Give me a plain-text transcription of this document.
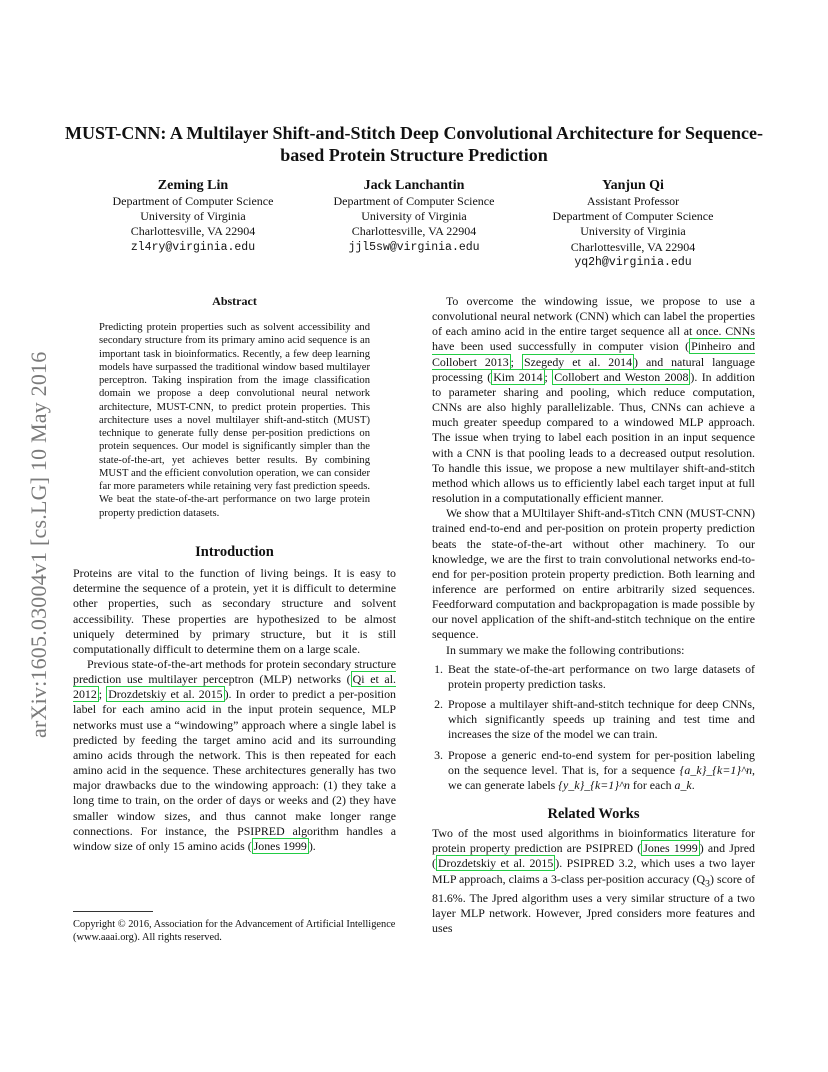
arXiv:1605.03004v1 [cs.LG] 10 May 2016
MUST-CNN: A Multilayer Shift-and-Stitch Deep Convolutional Architecture for Sequence-based Protein Structure Prediction
Zeming Lin
Department of Computer Science
University of Virginia
Charlottesville, VA 22904
zl4ry@virginia.edu
Jack Lanchantin
Department of Computer Science
University of Virginia
Charlottesville, VA 22904
jjl5sw@virginia.edu
Yanjun Qi
Assistant Professor
Department of Computer Science
University of Virginia
Charlottesville, VA 22904
yq2h@virginia.edu
Abstract

Predicting protein properties such as solvent accessibility and secondary structure from its primary amino acid sequence is an important task in bioinformatics. Recently, a few deep learning models have surpassed the traditional window based multilayer perceptron. Taking inspiration from the image classification domain we propose a deep convolutional neural network architecture, MUST-CNN, to predict protein properties. This architecture uses a novel multilayer shift-and-stitch (MUST) technique to generate fully dense per-position predictions on protein sequences. Our model is significantly simpler than the state-of-the-art, yet achieves better results. By combining MUST and the efficient convolution operation, we can consider far more parameters while retaining very fast prediction speeds. We beat the state-of-the-art performance on two large protein property prediction datasets.

Introduction

Proteins are vital to the function of living beings. It is easy to determine the sequence of a protein, yet it is difficult to determine other properties, such as secondary structure and solvent accessibility. These properties are hypothesized to be almost uniquely determined by primary structure, but it is still computationally difficult to determine them on a large scale.

Previous state-of-the-art methods for protein secondary structure prediction use multilayer perceptron (MLP) networks ( Qi et al. 2012 ; Drozdetskiy et al. 2015 ). In order to predict a per-position label for each amino acid in the input protein sequence, MLP networks must use a “windowing” approach where a single label is predicted by feeding the target amino acid and its surrounding amino acids through the network. This is then repeated for each amino acid in the sequence. These architectures generally has two major drawbacks due to the windowing approach: (1) they take a long time to train, on the order of days or weeks and (2) they have smaller window sizes, and thus cannot make longer range connections. For instance, the PSIPRED algorithm handles a window size of only 15 amino acids ( Jones 1999 ).

Copyright © 2016, Association for the Advancement of Artificial Intelligence (www.aaai.org). All rights reserved.

To overcome the windowing issue, we propose to use a convolutional neural network (CNN) which can label the properties of each amino acid in the entire target sequence all at once. CNNs have been used successfully in computer vision ( Pinheiro and Collobert 2013 ; Szegedy et al. 2014 ) and natural language processing ( Kim 2014 ; Collobert and Weston 2008 ). In addition to parameter sharing and pooling, which reduce computation, CNNs are also highly parallelizable. Thus, CNNs can achieve a much greater speedup compared to a windowed MLP approach. The issue when trying to label each position in an input sequence with a CNN is that pooling leads to a decreased output resolution. To handle this issue, we propose a new multilayer shift-and-stitch method which allows us to efficiently label each target input at full resolution in a computationally efficient manner.

We show that a MUltilayer Shift-and-sTitch CNN (MUST-CNN) trained end-to-end and per-position on protein property prediction beats the state-of-the-art without other machinery. To our knowledge, we are the first to train convolutional networks end-to-end for per-position protein property prediction. Both learning and inference are performed on entire arbitrarily sized sequences. Feedforward computation and backpropagation is made possible by our novel application of the shift-and-stitch technique on the entire sequence.

In summary we make the following contributions:

1. Beat the state-of-the-art performance on two large datasets of protein property prediction tasks.
2. Propose a multilayer shift-and-stitch technique for deep CNNs, which significantly speeds up training and test time and increases the size of the model we can train.
3. Propose a generic end-to-end system for per-position labeling on the sequence level. That is, for a sequence {a_k}_{k=1}^n, we can generate labels {y_k}_{k=1}^n for each a_k.
Related Works

Two of the most used algorithms in bioinformatics literature for protein property prediction are PSIPRED ( Jones 1999 ) and Jpred ( Drozdetskiy et al. 2015 ). PSIPRED 3.2, which uses a two layer MLP approach, claims a 3-class per-position accuracy $(Q_3)$ score of 81.6%. The Jpred algorithm uses a very similar structure of a two layer MLP network. However, Jpred considers more features and uses
